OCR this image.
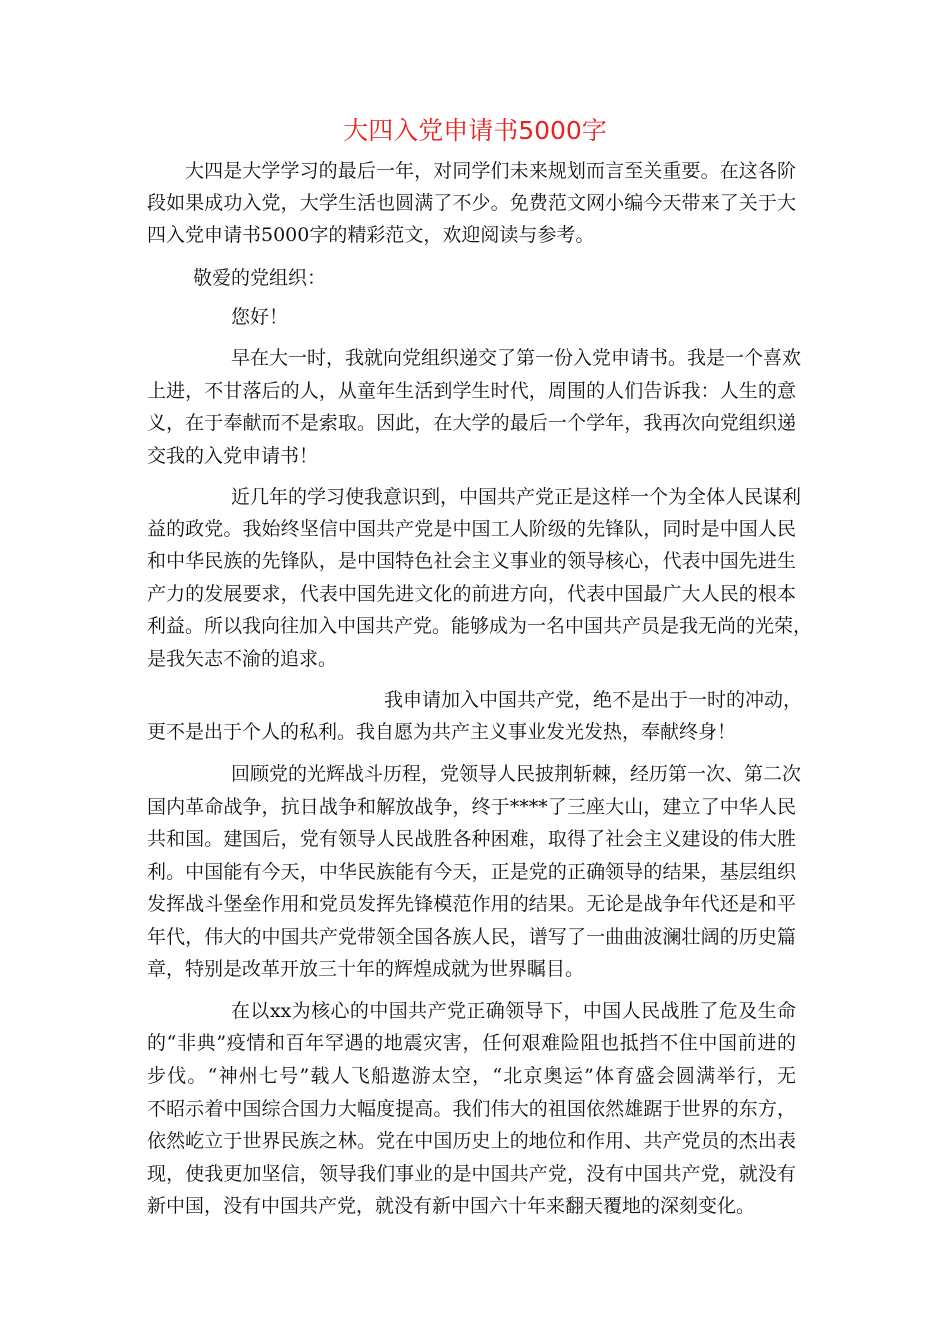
大四入党申请书5000字
大四是大学学习的最后一年，对同学们未来规划而言至关重要。在这各阶
段如果成功入党，大学生活也圆满了不少。免费范文网小编今天带来了关于大
四入党申请书5000字的精彩范文，欢迎阅读与参考。
敬爱的党组织：
您好！
早在大一时，我就向党组织递交了第一份入党申请书。我是一个喜欢
上进，不甘落后的人，从童年生活到学生时代，周围的人们告诉我：人生的意
义，在于奉献而不是索取。因此，在大学的最后一个学年，我再次向党组织递
交我的入党申请书！
近几年的学习使我意识到，中国共产党正是这样一个为全体人民谋利
益的政党。我始终坚信中国共产党是中国工人阶级的先锋队，同时是中国人民
和中华民族的先锋队，是中国特色社会主义事业的领导核心，代表中国先进生
产力的发展要求，代表中国先进文化的前进方向，代表中国最广大人民的根本
利益。所以我向往加入中国共产党。能够成为一名中国共产员是我无尚的光荣，
是我矢志不渝的追求。
我申请加入中国共产党，绝不是出于一时的冲动，
更不是出于个人的私利。我自愿为共产主义事业发光发热，奉献终身！
回顾党的光辉战斗历程，党领导人民披荆斩棘，经历第一次、第二次
国内革命战争，抗日战争和解放战争，终于****了三座大山，建立了中华人民
共和国。建国后，党有领导人民战胜各种困难，取得了社会主义建设的伟大胜
利。中国能有今天，中华民族能有今天，正是党的正确领导的结果，基层组织
发挥战斗堡垒作用和党员发挥先锋模范作用的结果。无论是战争年代还是和平
年代，伟大的中国共产党带领全国各族人民，谱写了一曲曲波澜壮阔的历史篇
章，特别是改革开放三十年的辉煌成就为世界瞩目。
在以xx为核心的中国共产党正确领导下，中国人民战胜了危及生命
的“非典”疫情和百年罕遇的地震灾害，任何艰难险阻也抵挡不住中国前进的
步伐。“神州七号”载人飞船遨游太空，“北京奥运”体育盛会圆满举行，无
不昭示着中国综合国力大幅度提高。我们伟大的祖国依然雄踞于世界的东方，
依然屹立于世界民族之林。党在中国历史上的地位和作用、共产党员的杰出表
现，使我更加坚信，领导我们事业的是中国共产党，没有中国共产党，就没有
新中国，没有中国共产党，就没有新中国六十年来翻天覆地的深刻变化。
